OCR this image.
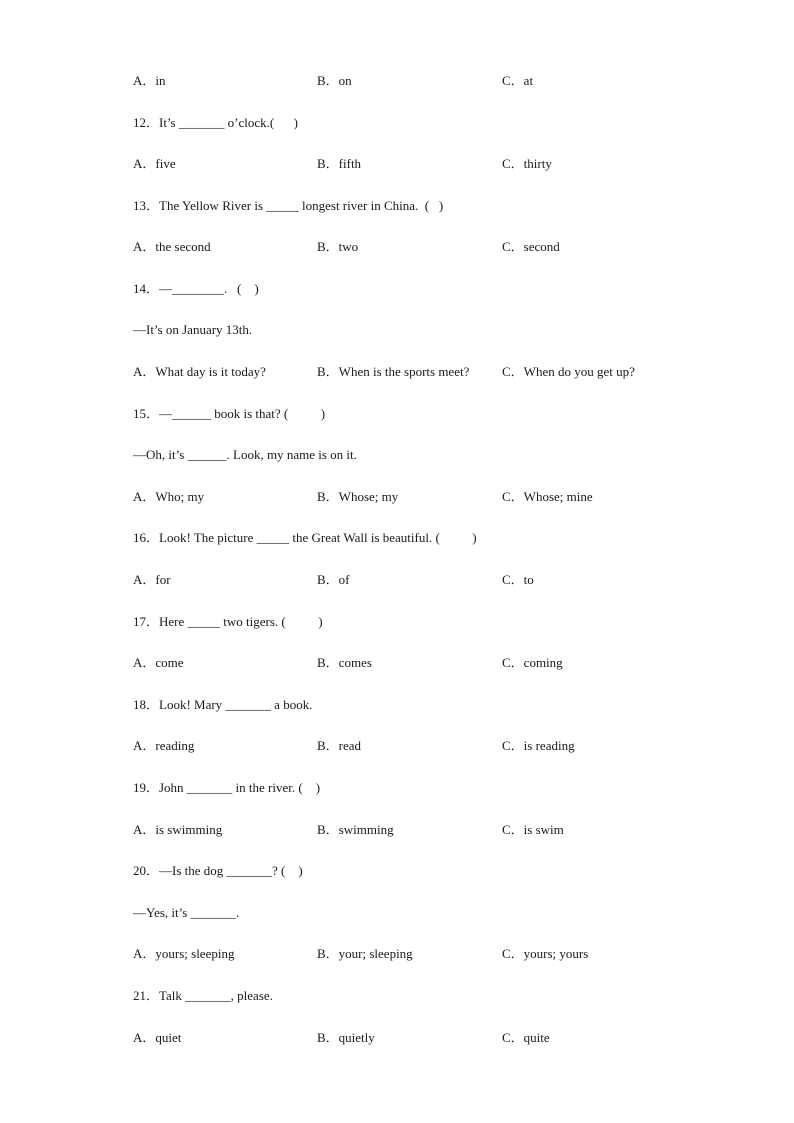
A．in	B．on	C．at
12．It’s _______ o’clock.(      )
A．five	B．fifth	C．thirty
13．The Yellow River is _____ longest river in China.  (   )
A．the second	B．two	C．second
14．—________.   (    )
—It’s on January 13th.
A．What day is it today?	B．When is the sports meet?	C．When do you get up?
15．—______ book is that? (          )
—Oh, it’s ______. Look, my name is on it.
A．Who; my	B．Whose; my	C．Whose; mine
16．Look! The picture _____ the Great Wall is beautiful. (          )
A．for	B．of	C．to
17．Here _____ two tigers. (          )
A．come	B．comes	C．coming
18．Look! Mary _______ a book.
A．reading	B．read	C．is reading
19．John _______ in the river. (    )
A．is swimming	B．swimming	C．is swim
20．—Is the dog _______? (    )
—Yes, it’s _______.
A．yours; sleeping	B．your; sleeping	C．yours; yours
21．Talk _______, please.
A．quiet	B．quietly	C．quite
